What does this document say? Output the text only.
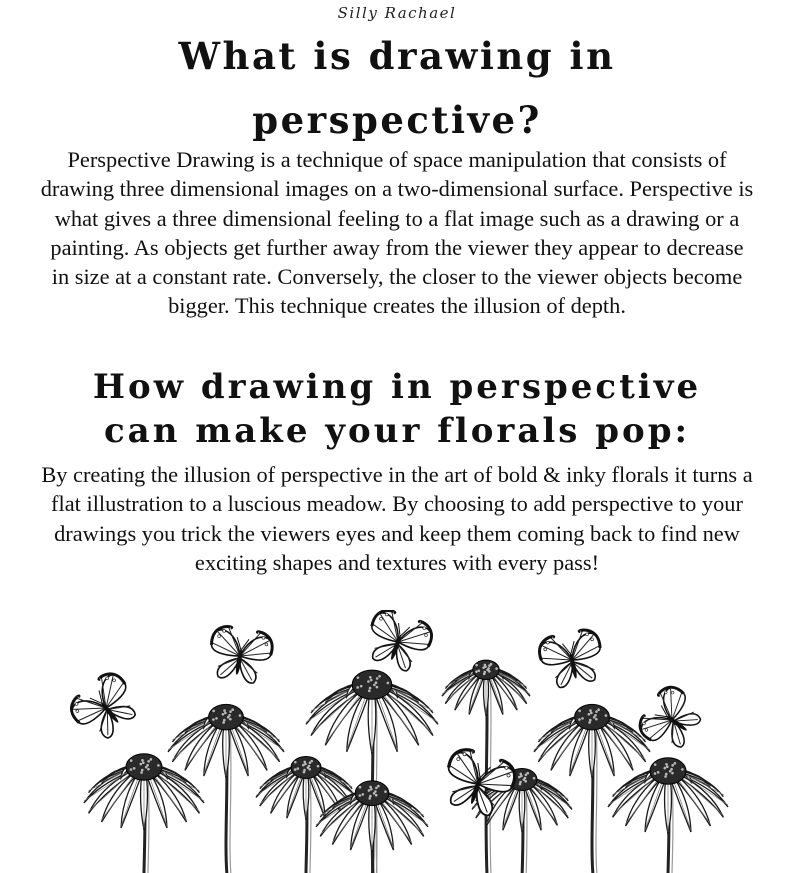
Silly Rachael
What is drawing in
perspective?

Perspective Drawing is a technique of space manipulation that consists of drawing three dimensional images on a two-dimensional surface. Perspective is what gives a three dimensional feeling to a flat image such as a drawing or a painting. As objects get further away from the viewer they appear to decrease in size at a constant rate. Conversely, the closer to the viewer objects become bigger. This technique creates the illusion of depth.

How drawing in perspective
can make your florals pop:

By creating the illusion of perspective in the art of bold & inky florals it turns a flat illustration to a luscious meadow. By choosing to add perspective to your drawings you trick the viewers eyes and keep them coming back to find new exciting shapes and textures with every pass!
